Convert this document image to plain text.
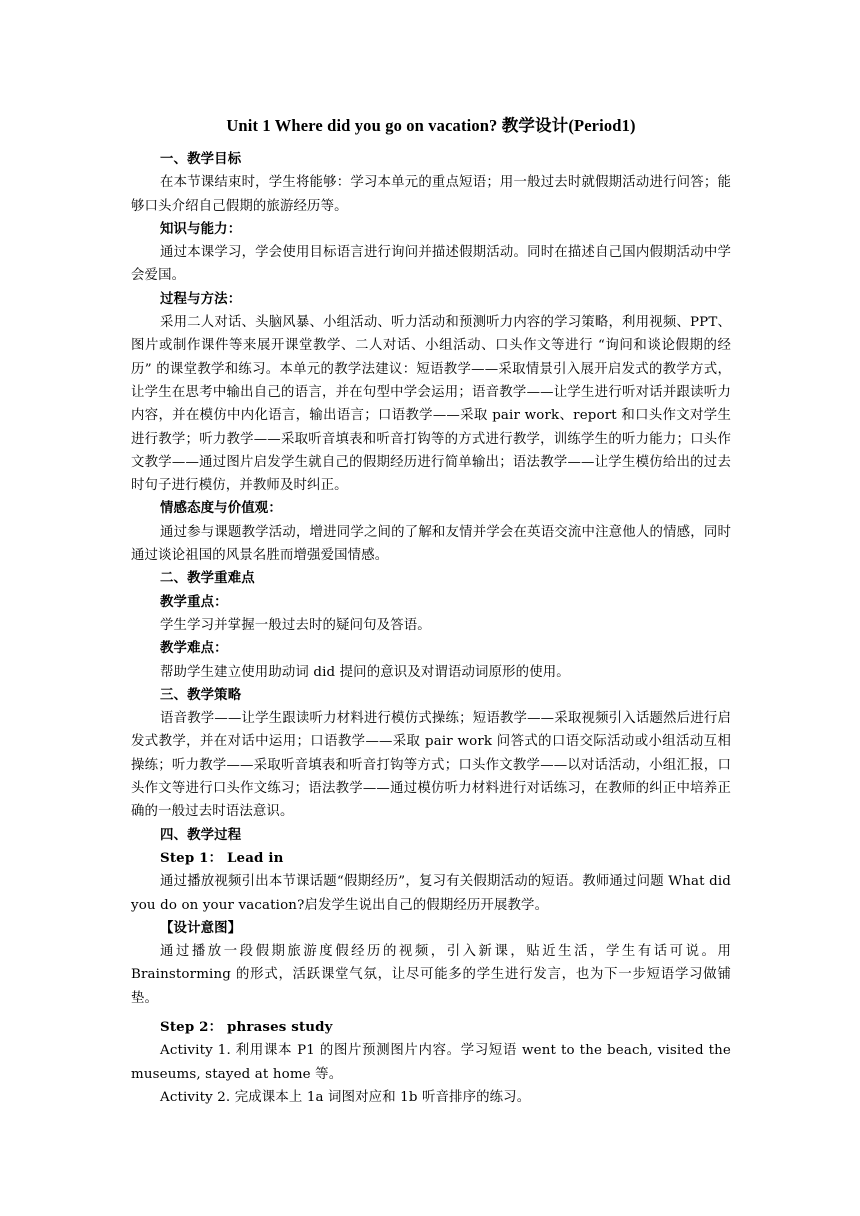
Unit 1 Where did you go on vacation? 教学设计(Period1)

一、教学目标

在本节课结束时，学生将能够：学习本单元的重点短语；用一般过去时就假期活动进行问答；能够口头介绍自己假期的旅游经历等。

知识与能力：

通过本课学习，学会使用目标语言进行询问并描述假期活动。同时在描述自己国内假期活动中学会爱国。

过程与方法：

采用二人对话、头脑风暴、小组活动、听力活动和预测听力内容的学习策略，利用视频、PPT、图片或制作课件等来展开课堂教学、二人对话、小组活动、口头作文等进行 “询问和谈论假期的经历” 的课堂教学和练习。本单元的教学法建议：短语教学——采取情景引入展开启发式的教学方式，让学生在思考中输出自己的语言，并在句型中学会运用；语音教学——让学生进行听对话并跟读听力内容，并在模仿中内化语言，输出语言；口语教学——采取 pair work、report 和口头作文对学生进行教学；听力教学——采取听音填表和听音打钩等的方式进行教学，训练学生的听力能力；口头作文教学——通过图片启发学生就自己的假期经历进行简单输出；语法教学——让学生模仿给出的过去时句子进行模仿，并教师及时纠正。

情感态度与价值观：

通过参与课题教学活动，增进同学之间的了解和友情并学会在英语交流中注意他人的情感，同时通过谈论祖国的风景名胜而增强爱国情感。

二、教学重难点

教学重点：

学生学习并掌握一般过去时的疑问句及答语。

教学难点：

帮助学生建立使用助动词 did 提问的意识及对谓语动词原形的使用。

三、教学策略

语音教学——让学生跟读听力材料进行模仿式操练；短语教学——采取视频引入话题然后进行启发式教学，并在对话中运用；口语教学——采取 pair work 问答式的口语交际活动或小组活动互相操练；听力教学——采取听音填表和听音打钩等方式；口头作文教学——以对话活动，小组汇报，口头作文等进行口头作文练习；语法教学——通过模仿听力材料进行对话练习，在教师的纠正中培养正确的一般过去时语法意识。

四、教学过程

Step 1： Lead in

通过播放视频引出本节课话题“假期经历”，复习有关假期活动的短语。教师通过问题 What did you do on your vacation?启发学生说出自己的假期经历开展教学。

【设计意图】

通过播放一段假期旅游度假经历的视频，引入新课，贴近生活，学生有话可说。用 Brainstorming 的形式，活跃课堂气氛，让尽可能多的学生进行发言，也为下一步短语学习做铺垫。

Step 2： phrases study

Activity 1. 利用课本 P1 的图片预测图片内容。学习短语 went to the beach, visited the museums, stayed at home 等。

Activity 2. 完成课本上 1a 词图对应和 1b 听音排序的练习。
